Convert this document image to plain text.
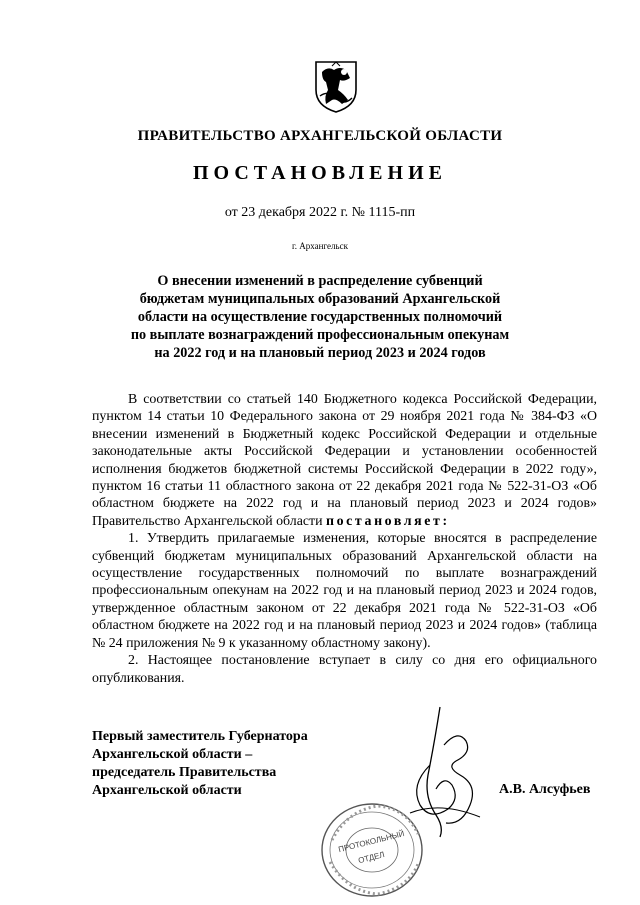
ПРАВИТЕЛЬСТВО АРХАНГЕЛЬСКОЙ ОБЛАСТИ
ПОСТАНОВЛЕНИЕ
от 23 декабря 2022 г. № 1115-пп
г. Архангельск
О внесении изменений в распределение субвенций
бюджетам муниципальных образований Архангельской
области на осуществление государственных полномочий
по выплате вознаграждений профессиональным опекунам
на 2022 год и на плановый период 2023 и 2024 годов

В соответствии со статьей 140 Бюджетного кодекса Российской Федерации, пунктом 14 статьи 10 Федерального закона от 29 ноября 2021 года № 384-ФЗ «О внесении изменений в Бюджетный кодекс Российской Федерации и отдельные законодательные акты Российской Федерации и установлении особенностей исполнения бюджетов бюджетной системы Российской Федерации в 2022 году», пунктом 16 статьи 11 областного закона от 22 декабря 2021 года № 522-31-ОЗ «Об областном бюджете на 2022 год и на плановый период 2023 и 2024 годов» Правительство Архангельской области постановляет:

1. Утвердить прилагаемые изменения, которые вносятся в распределение субвенций бюджетам муниципальных образований Архангельской области на осуществление государственных полномочий по выплате вознаграждений профессиональным опекунам на 2022 год и на плановый период 2023 и 2024 годов, утвержденное областным законом от 22 декабря 2021 года № 522-31-ОЗ «Об областном бюджете на 2022 год и на плановый период 2023 и 2024 годов» (таблица № 24 приложения № 9 к указанному областному закону).

2. Настоящее постановление вступает в силу со дня его официального опубликования.

Первый заместитель Губернатора
Архангельской области –
председатель Правительства
Архангельской области	А.В. Алсуфьев
ПРОТОКОЛЬНЫЙ
ОТДЕЛ
